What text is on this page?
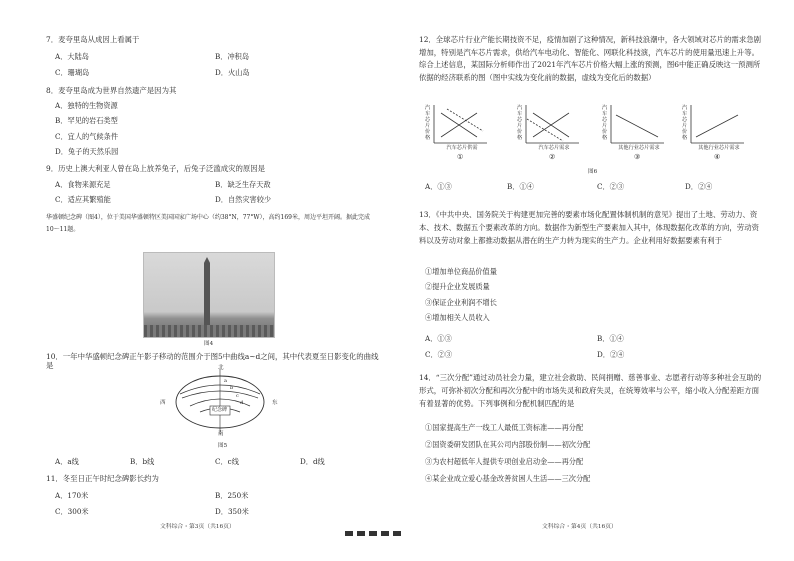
7．麦夸里岛从成因上看属于
A．大陆岛	B．冲积岛
C．珊瑚岛	D．火山岛
8．麦夸里岛成为世界自然遗产是因为其
A．独特的生物资源
B．罕见的岩石类型
C．宜人的气候条件
D．兔子的天然乐园
9．历史上澳大利亚人曾在岛上放养兔子，后兔子泛滥成灾的原因是
A．食物来源充足	B．缺乏生存天敌
C．适应其繁殖能	D．自然灾害较少
华盛顿纪念碑（图4），位于美国华盛顿特区美国国家广场中心（约38°N，77°W），高约169米，周边平坦开阔。据此完成10～11题。
图4
10．一年中华盛顿纪念碑正午影子移动的范围介于图5中曲线a~d之间，其中代表夏至日影变化的曲线是	北
南
西	东
纪念碑
a
b
c
d
图5
A．a线	B．b线	C．c线	D．d线
11．冬至日正午时纪念碑影长约为
A．170米	B．250米
C．300米	D．350米
文科综合・第3页（共16页）
12．全球芯片行业产能长期技资不足，疫情加剧了这种情况，新科技浪潮中，各大领域对芯片的需求急剧增加，特别是汽车芯片需求，供给汽车电动化、智能化、网联化科技演，汽车芯片的使用量迅速上升等。综合上述信息，某国际分析师作出了2021年汽车芯片价格大幅上涨的预测，图6中能正确反映这一预测所依据的经济联系的图（图中实线为变化前的数据，虚线为变化后的数据）
汽车芯片价格
汽车芯片供需
①
汽车芯片价格
汽车芯片需求
②
汽车芯片价格
其他行业芯片需求
③
汽车芯片价格
其他行业芯片需求
④
图6
A．①③	B．①④	C．②③	D．②④
13．《中共中央、国务院关于构建更加完善的要素市场化配置体制机制的意见》提出了土地、劳动力、资本、技术、数据五个要素改革的方向。数据作为新型生产要素加入其中，体现数据化改革的方向，劳动资料以及劳动对象上都推动数据从潜在的生产力转为现实的生产力。企业利用好数据要素有利于
①增加单位商品价值量
②提升企业发展质量
③保证企业利润不增长
④增加相关人员收入
A．①③	B．①④
C．②③	D．②④
14．“三次分配”通过动员社会力量，建立社会救助、民间捐赠、慈善事业、志愿者行动等多种社会互助的形式，可弥补初次分配和再次分配中的市场失灵和政府失灵，在统筹效率与公平，缩小收入分配差距方面有着显著的优势。下列事例和分配机制匹配的是
①国家提高生产一线工人最低工资标准——再分配
②国资委研发团队在其公司内部股份制——初次分配
③为农村超低年人提供专项创业启动金——再分配
④某企业成立爱心基金改善贫困人生活——三次分配
文科综合・第4页（共16页）
